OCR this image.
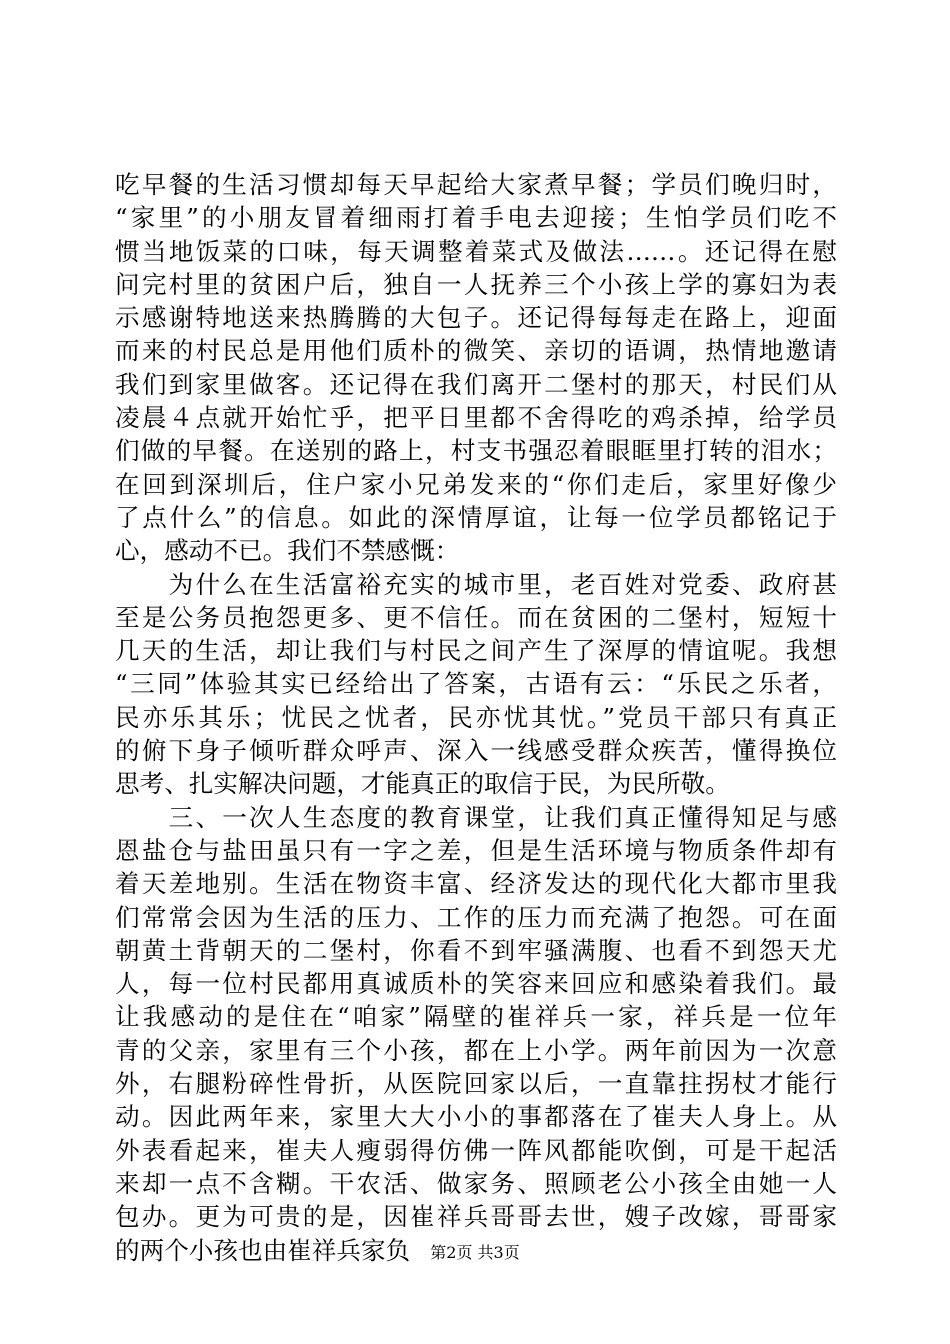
吃早餐的生活习惯却每天早起给大家煮早餐；学员们晚归时，
“家里”的小朋友冒着细雨打着手电去迎接；生怕学员们吃不
惯当地饭菜的口味，每天调整着菜式及做法……。还记得在慰
问完村里的贫困户后，独自一人抚养三个小孩上学的寡妇为表
示感谢特地送来热腾腾的大包子。还记得每每走在路上，迎面
而来的村民总是用他们质朴的微笑、亲切的语调，热情地邀请
我们到家里做客。还记得在我们离开二堡村的那天，村民们从
凌晨４点就开始忙乎，把平日里都不舍得吃的鸡杀掉，给学员
们做的早餐。在送别的路上，村支书强忍着眼眶里打转的泪水；
在回到深圳后，住户家小兄弟发来的“你们走后，家里好像少
了点什么”的信息。如此的深情厚谊，让每一位学员都铭记于
心，感动不已。我们不禁感慨：
　　为什么在生活富裕充实的城市里，老百姓对党委、政府甚
至是公务员抱怨更多、更不信任。而在贫困的二堡村，短短十
几天的生活，却让我们与村民之间产生了深厚的情谊呢。我想
“三同”体验其实已经给出了答案，古语有云：“乐民之乐者，
民亦乐其乐；忧民之忧者，民亦忧其忧。”党员干部只有真正
的俯下身子倾听群众呼声、深入一线感受群众疾苦，懂得换位
思考、扎实解决问题，才能真正的取信于民，为民所敬。
　　三、一次人生态度的教育课堂，让我们真正懂得知足与感
恩盐仓与盐田虽只有一字之差，但是生活环境与物质条件却有
着天差地别。生活在物资丰富、经济发达的现代化大都市里我
们常常会因为生活的压力、工作的压力而充满了抱怨。可在面
朝黄土背朝天的二堡村，你看不到牢骚满腹、也看不到怨天尤
人，每一位村民都用真诚质朴的笑容来回应和感染着我们。最
让我感动的是住在“咱家”隔壁的崔祥兵一家，祥兵是一位年
青的父亲，家里有三个小孩，都在上小学。两年前因为一次意
外，右腿粉碎性骨折，从医院回家以后，一直靠拄拐杖才能行
动。因此两年来，家里大大小小的事都落在了崔夫人身上。从
外表看起来，崔夫人瘦弱得仿佛一阵风都能吹倒，可是干起活
来却一点不含糊。干农活、做家务、照顾老公小孩全由她一人
包办。更为可贵的是，因崔祥兵哥哥去世，嫂子改嫁，哥哥家
的两个小孩也由崔祥兵家负	第2页 共3页
